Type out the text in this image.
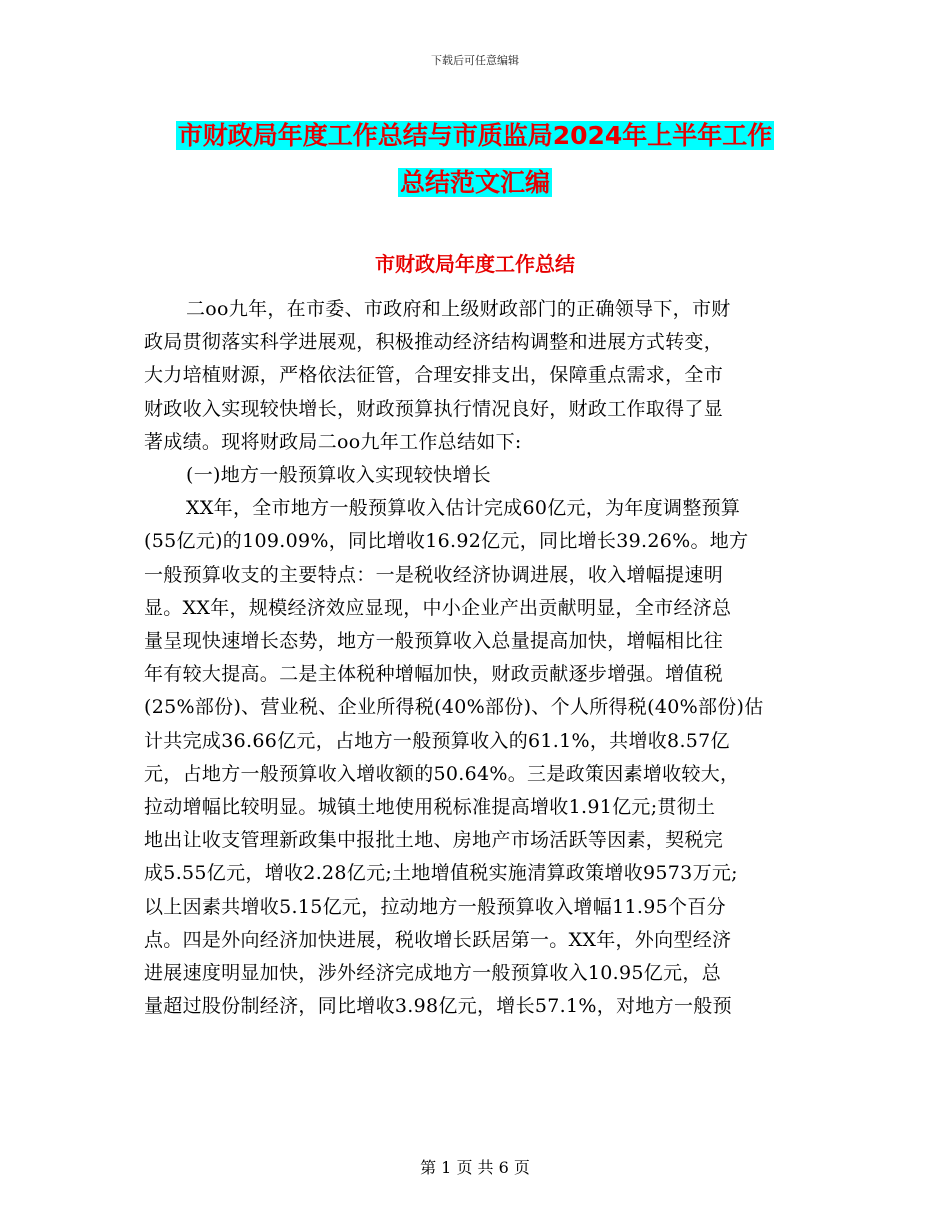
下载后可任意编辑
市财政局年度工作总结与市质监局2024年上半年工作
总结范文汇编
市财政局年度工作总结
二oo九年，在市委、市政府和上级财政部门的正确领导下，市财
政局贯彻落实科学进展观，积极推动经济结构调整和进展方式转变，
大力培植财源，严格依法征管，合理安排支出，保障重点需求，全市
财政收入实现较快增长，财政预算执行情况良好，财政工作取得了显
著成绩。现将财政局二oo九年工作总结如下:
(一)地方一般预算收入实现较快增长
XX年，全市地方一般预算收入估计完成60亿元，为年度调整预算
(55亿元)的109.09%，同比增收16.92亿元，同比增长39.26%。地方
一般预算收支的主要特点：一是税收经济协调进展，收入增幅提速明
显。XX年，规模经济效应显现，中小企业产出贡献明显，全市经济总
量呈现快速增长态势，地方一般预算收入总量提高加快，增幅相比往
年有较大提高。二是主体税种增幅加快，财政贡献逐步增强。增值税
(25%部份)、营业税、企业所得税(40%部份)、个人所得税(40%部份)估
计共完成36.66亿元，占地方一般预算收入的61.1%，共增收8.57亿
元，占地方一般预算收入增收额的50.64%。三是政策因素增收较大，
拉动增幅比较明显。城镇土地使用税标准提高增收1.91亿元;贯彻土
地出让收支管理新政集中报批土地、房地产市场活跃等因素，契税完
成5.55亿元，增收2.28亿元;土地增值税实施清算政策增收9573万元;
以上因素共增收5.15亿元，拉动地方一般预算收入增幅11.95个百分
点。四是外向经济加快进展，税收增长跃居第一。XX年，外向型经济
进展速度明显加快，涉外经济完成地方一般预算收入10.95亿元，总
量超过股份制经济，同比增收3.98亿元，增长57.1%，对地方一般预
第 1 页 共 6 页
